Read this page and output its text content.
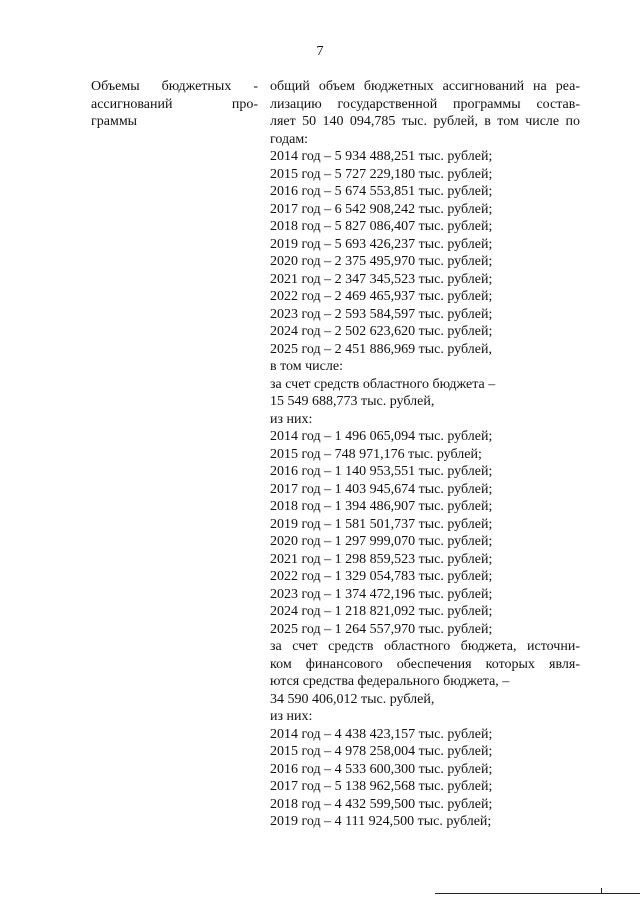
7
Объемы бюджетных -
ассигнований	про-
граммы
общий объем бюджетных ассигнований на реа-
лизацию государственной программы состав-
ляет 50 140 094,785 тыс. рублей, в том числе по
годам:
2014 год – 5 934 488,251 тыс. рублей;
2015 год – 5 727 229,180 тыс. рублей;
2016 год – 5 674 553,851 тыс. рублей;
2017 год – 6 542 908,242 тыс. рублей;
2018 год – 5 827 086,407 тыс. рублей;
2019 год – 5 693 426,237 тыс. рублей;
2020 год – 2 375 495,970 тыс. рублей;
2021 год – 2 347 345,523 тыс. рублей;
2022 год – 2 469 465,937 тыс. рублей;
2023 год – 2 593 584,597 тыс. рублей;
2024 год – 2 502 623,620 тыс. рублей;
2025 год – 2 451 886,969 тыс. рублей,
в том числе:
за счет средств областного бюджета –
15 549 688,773 тыс. рублей,
из них:
2014 год – 1 496 065,094 тыс. рублей;
2015 год – 748 971,176 тыс. рублей;
2016 год – 1 140 953,551 тыс. рублей;
2017 год – 1 403 945,674 тыс. рублей;
2018 год – 1 394 486,907 тыс. рублей;
2019 год – 1 581 501,737 тыс. рублей;
2020 год – 1 297 999,070 тыс. рублей;
2021 год – 1 298 859,523 тыс. рублей;
2022 год – 1 329 054,783 тыс. рублей;
2023 год – 1 374 472,196 тыс. рублей;
2024 год – 1 218 821,092 тыс. рублей;
2025 год – 1 264 557,970 тыс. рублей;
за счет средств областного бюджета, источни-
ком финансового обеспечения которых явля-
ются средства федерального бюджета, –
34 590 406,012 тыс. рублей,
из них:
2014 год – 4 438 423,157 тыс. рублей;
2015 год – 4 978 258,004 тыс. рублей;
2016 год – 4 533 600,300 тыс. рублей;
2017 год – 5 138 962,568 тыс. рублей;
2018 год – 4 432 599,500 тыс. рублей;
2019 год – 4 111 924,500 тыс. рублей;
